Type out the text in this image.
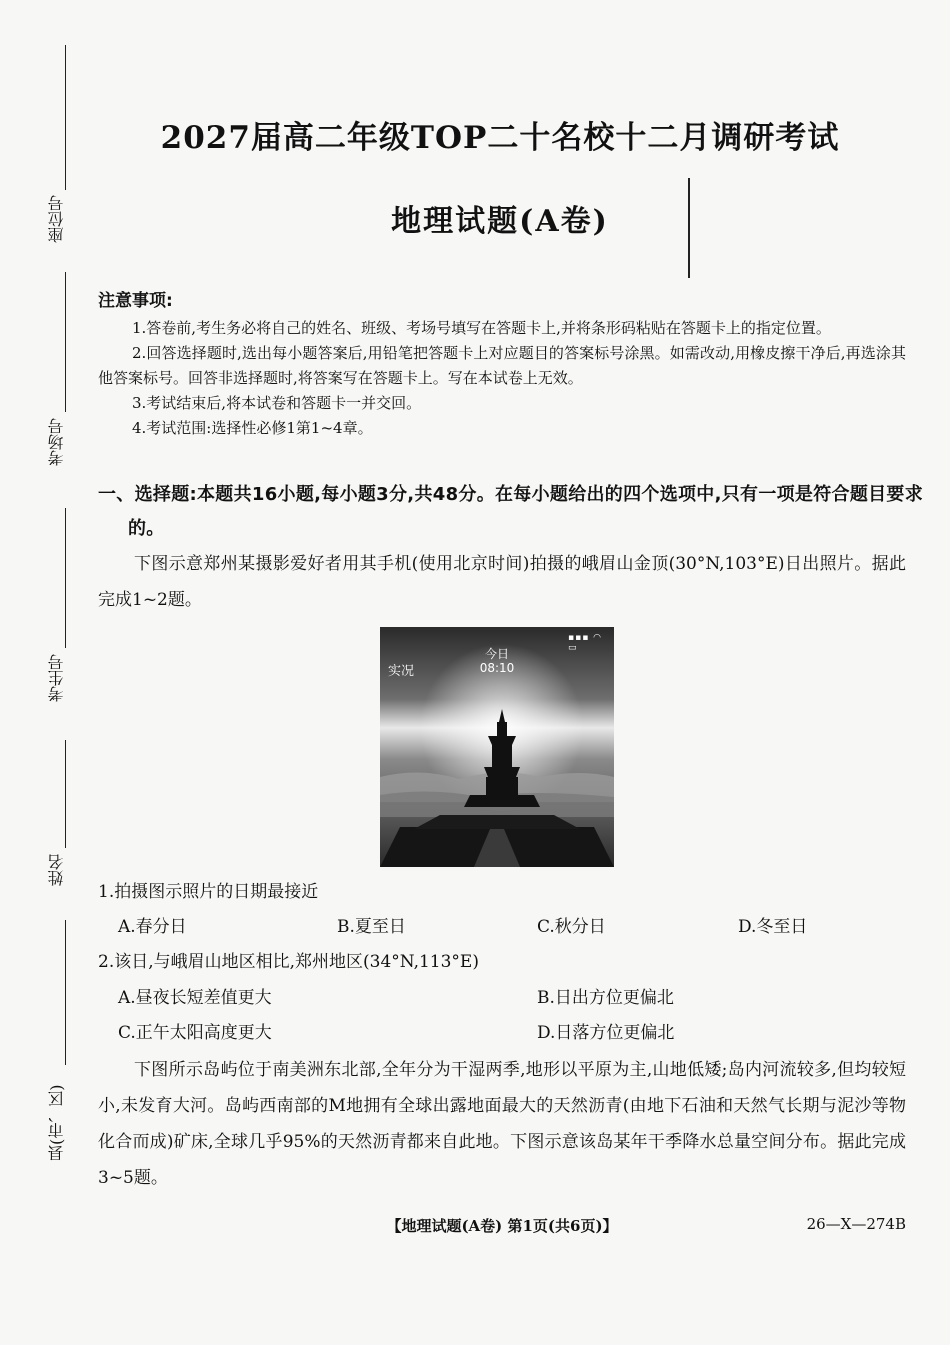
座位号
考场号
考生号
姓名
县(市、区)
2027届高二年级TOP二十名校十二月调研考试
地理试题(A卷)
注意事项:
1.答卷前,考生务必将自己的姓名、班级、考场号填写在答题卡上,并将条形码粘贴在答题卡上的指定位置。
2.回答选择题时,选出每小题答案后,用铅笔把答题卡上对应题目的答案标号涂黑。如需改动,用橡皮擦干净后,再选涂其他答案标号。回答非选择题时,将答案写在答题卡上。写在本试卷上无效。
3.考试结束后,将本试卷和答题卡一并交回。
4.考试范围:选择性必修1第1~4章。
一、选择题:本题共16小题,每小题3分,共48分。在每小题给出的四个选项中,只有一项是符合题目要求的。
下图示意郑州某摄影爱好者用其手机(使用北京时间)拍摄的峨眉山金顶(30°N,103°E)日出照片。据此完成1~2题。
实况
今日
08:10
▪▪▪ ◠ ▭
1.拍摄图示照片的日期最接近
A.春分日	B.夏至日	C.秋分日	D.冬至日
2.该日,与峨眉山地区相比,郑州地区(34°N,113°E)
A.昼夜长短差值更大	B.日出方位更偏北
C.正午太阳高度更大	D.日落方位更偏北
下图所示岛屿位于南美洲东北部,全年分为干湿两季,地形以平原为主,山地低矮;岛内河流较多,但均较短小,未发育大河。岛屿西南部的M地拥有全球出露地面最大的天然沥青(由地下石油和天然气长期与泥沙等物化合而成)矿床,全球几乎95%的天然沥青都来自此地。下图示意该岛某年干季降水总量空间分布。据此完成3~5题。
【地理试题(A卷) 第1页(共6页)】	26—X—274B
